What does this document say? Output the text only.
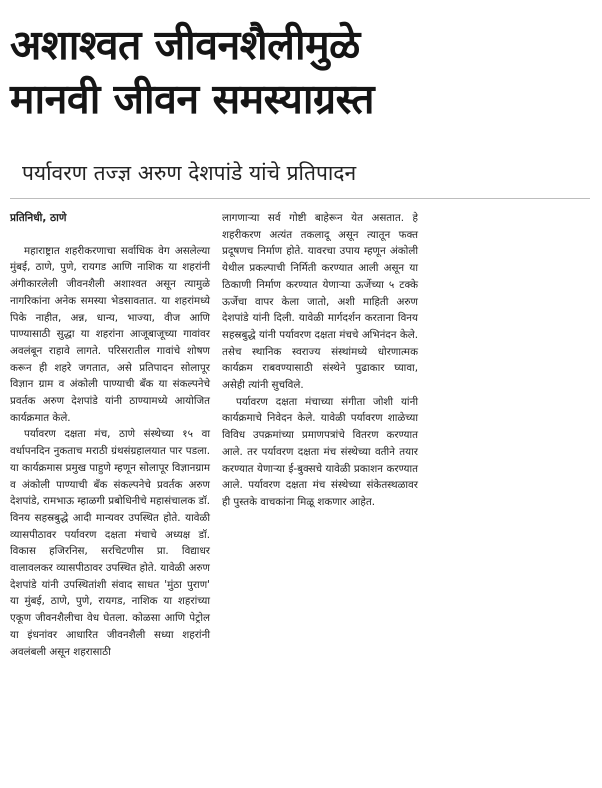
अशाश्वत जीवनशैलीमुळे
मानवी जीवन समस्याग्रस्त
पर्यावरण तज्ज्ञ अरुण देशपांडे यांचे प्रतिपादन

प्रतिनिधी, ठाणे

महाराष्ट्रात शहरीकरणाचा सर्वाधिक वेग असलेल्या मुंबई, ठाणे, पुणे, रायगड आणि नाशिक या शहरांनी अंगीकारलेली जीवनशैली अशाश्वत असून त्यामुळे नागरिकांना अनेक समस्या भेडसावतात. या शहरांमध्ये पिके नाहीत, अन्न, धान्य, भाज्या, वीज आणि पाण्यासाठी सुद्धा या शहरांना आजूबाजूच्या गावांवर अवलंबून राहावे लागते. परिसरातील गावांचे शोषण करून ही शहरे जगतात, असे प्रतिपादन सोलापूर विज्ञान ग्राम व अंकोली पाण्याची बँक या संकल्पनेचे प्रवर्तक अरुण देशपांडे यांनी ठाण्यामध्ये आयोजित कार्यक्रमात केले.

पर्यावरण दक्षता मंच, ठाणे संस्थेच्या १५ वा वर्धापनदिन नुकताच मराठी ग्रंथसंग्रहालयात पार पडला. या कार्यक्रमास प्रमुख पाहुणे म्हणून सोलापूर विज्ञानग्राम व अंकोली पाण्याची बँक संकल्पनेचे प्रवर्तक अरुण देशपांडे, रामभाऊ म्हाळगी प्रबोधिनीचे महासंचालक डॉ. विनय सहस्रबुद्धे आदी मान्यवर उपस्थित होते. यावेळी व्यासपीठावर पर्यावरण दक्षता मंचाचे अध्यक्ष डॉ. विकास हजिरनिस, सरचिटणीस प्रा. विद्याधर वालावलकर व्यासपीठावर उपस्थित होते. यावेळी अरुण देशपांडे यांनी उपस्थितांशी संवाद साधत 'मुंठा पुराण' या मुंबई, ठाणे, पुणे, रायगड, नाशिक या शहरांच्या एकूण जीवनशैलीचा वेध घेतला. कोळसा आणि पेट्रोल या इंधनांवर आधारित जीवनशैली सध्या शहरांनी अवलंबली असून शहरासाठी

लागणाऱ्या सर्व गोष्टी बाहेरून येत असतात. हे शहरीकरण अत्यंत तकलादू असून त्यातून फक्त प्रदूषणच निर्माण होते. यावरचा उपाय म्हणून अंकोली येथील प्रकल्पाची निर्मिती करण्यात आली असून या ठिकाणी निर्माण करण्यात येणाऱ्या ऊर्जेच्या ५ टक्के ऊर्जेचा वापर केला जातो, अशी माहिती अरुण देशपांडे यांनी दिली. यावेळी मार्गदर्शन करताना विनय सहस्रबुद्धे यांनी पर्यावरण दक्षता मंचचे अभिनंदन केले. तसेच स्थानिक स्वराज्य संस्थांमध्ये धोरणात्मक कार्यक्रम राबवण्यासाठी संस्थेने पुढाकार घ्यावा, असेही त्यांनी सुचविले.

पर्यावरण दक्षता मंचाच्या संगीता जोशी यांनी कार्यक्रमाचे निवेदन केले. यावेळी पर्यावरण शाळेच्या विविध उपक्रमांच्या प्रमाणपत्रांचे वितरण करण्यात आले. तर पर्यावरण दक्षता मंच संस्थेच्या वतीने तयार करण्यात येणाऱ्या ई-बुक्सचे यावेळी प्रकाशन करण्यात आले. पर्यावरण दक्षता मंच संस्थेच्या संकेतस्थळावर ही पुस्तके वाचकांना मिळू शकणार आहेत.
